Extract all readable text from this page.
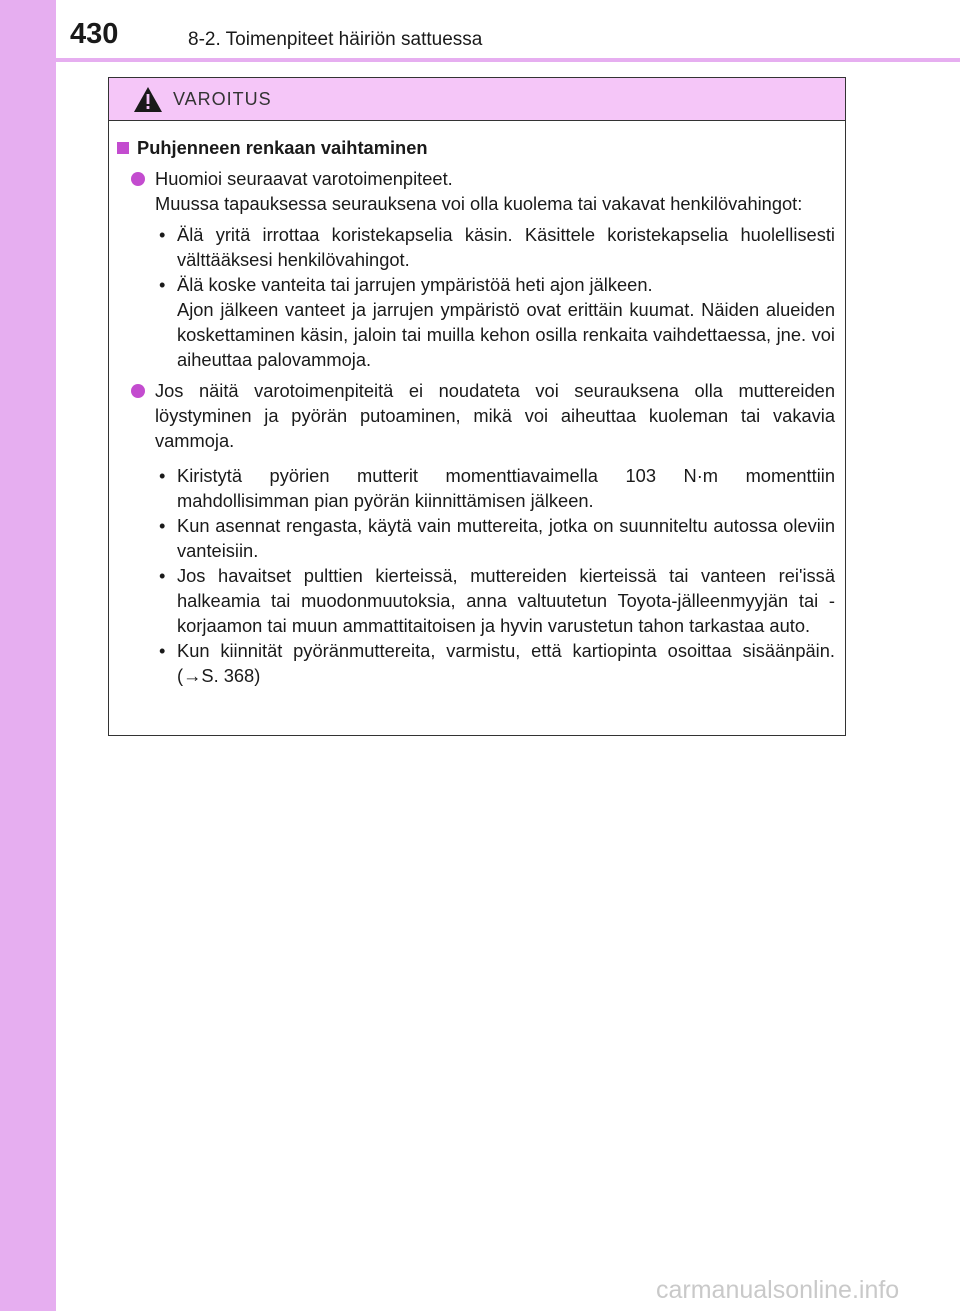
430	8-2. Toimenpiteet häiriön sattuessa
VAROITUS
Puhjenneen renkaan vaihtaminen
Huomioi seuraavat varotoimenpiteet.
Muussa tapauksessa seurauksena voi olla kuolema tai vakavat henkilövahingot:
• Älä yritä irrottaa koristekapselia käsin. Käsittele koristekapselia huolellisesti välttääksesi henkilövahingot.
• Älä koske vanteita tai jarrujen ympäristöä heti ajon jälkeen.
Ajon jälkeen vanteet ja jarrujen ympäristö ovat erittäin kuumat. Näiden alueiden koskettaminen käsin, jaloin tai muilla kehon osilla renkaita vaihdettaessa, jne. voi aiheuttaa palovammoja.
Jos näitä varotoimenpiteitä ei noudateta voi seurauksena olla muttereiden löystyminen ja pyörän putoaminen, mikä voi aiheuttaa kuoleman tai vakavia vammoja.
• Kiristytä pyörien mutterit momenttiavaimella 103 N·m momenttiin mahdollisimman pian pyörän kiinnittämisen jälkeen.
• Kun asennat rengasta, käytä vain muttereita, jotka on suunniteltu autossa oleviin vanteisiin.
• Jos havaitset pulttien kierteissä, muttereiden kierteissä tai vanteen rei'issä halkeamia tai muodonmuutoksia, anna valtuutetun Toyota-jälleenmyyjän tai -korjaamon tai muun ammattitaitoisen ja hyvin varustetun tahon tarkastaa auto.
• Kun kiinnität pyöränmuttereita, varmistu, että kartiopinta osoittaa sisäänpäin. (→S. 368)
carmanualsonline.info
